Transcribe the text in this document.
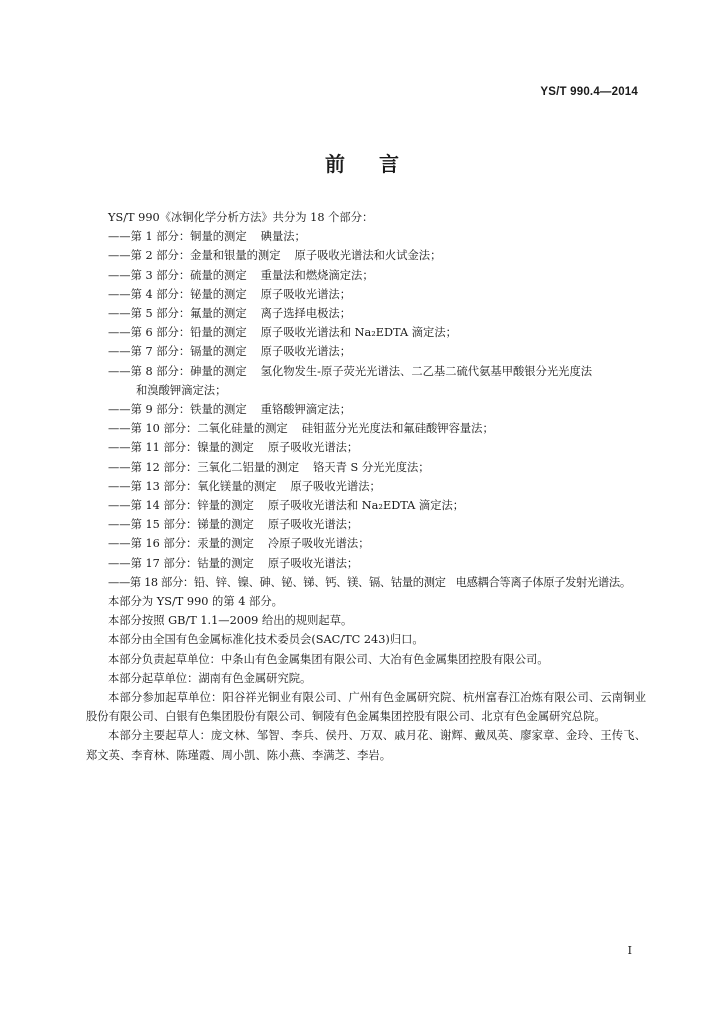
YS/T 990.4—2014
前言
YS/T 990《冰铜化学分析方法》共分为 18 个部分：
——第 1 部分：铜量的测定 碘量法；
——第 2 部分：金量和银量的测定 原子吸收光谱法和火试金法；
——第 3 部分：硫量的测定 重量法和燃烧滴定法；
——第 4 部分：铋量的测定 原子吸收光谱法；
——第 5 部分：氟量的测定 离子选择电极法；
——第 6 部分：铅量的测定 原子吸收光谱法和 Na₂EDTA 滴定法；
——第 7 部分：镉量的测定 原子吸收光谱法；
——第 8 部分：砷量的测定 氢化物发生-原子荧光光谱法、二乙基二硫代氨基甲酸银分光光度法
和溴酸钾滴定法；
——第 9 部分：铁量的测定 重铬酸钾滴定法；
——第 10 部分：二氧化硅量的测定 硅钼蓝分光光度法和氟硅酸钾容量法；
——第 11 部分：镍量的测定 原子吸收光谱法；
——第 12 部分：三氧化二铝量的测定 铬天青 S 分光光度法；
——第 13 部分：氧化镁量的测定 原子吸收光谱法；
——第 14 部分：锌量的测定 原子吸收光谱法和 Na₂EDTA 滴定法；
——第 15 部分：锑量的测定 原子吸收光谱法；
——第 16 部分：汞量的测定 冷原子吸收光谱法；
——第 17 部分：钴量的测定 原子吸收光谱法；
——第 18 部分：铅、锌、镍、砷、铋、锑、钙、镁、镉、钴量的测定 电感耦合等离子体原子发射光谱法。
本部分为 YS/T 990 的第 4 部分。
本部分按照 GB/T 1.1—2009 给出的规则起草。
本部分由全国有色金属标准化技术委员会(SAC/TC 243)归口。
本部分负责起草单位：中条山有色金属集团有限公司、大冶有色金属集团控股有限公司。
本部分起草单位：湖南有色金属研究院。
本部分参加起草单位：阳谷祥光铜业有限公司、广州有色金属研究院、杭州富春江冶炼有限公司、云南铜业股份有限公司、白银有色集团股份有限公司、铜陵有色金属集团控股有限公司、北京有色金属研究总院。
本部分主要起草人：庞文林、邹智、李兵、侯丹、万双、戚月花、谢辉、戴凤英、廖家章、金玲、王传飞、郑文英、李育林、陈瑾霞、周小凯、陈小燕、李满芝、李岩。
I
